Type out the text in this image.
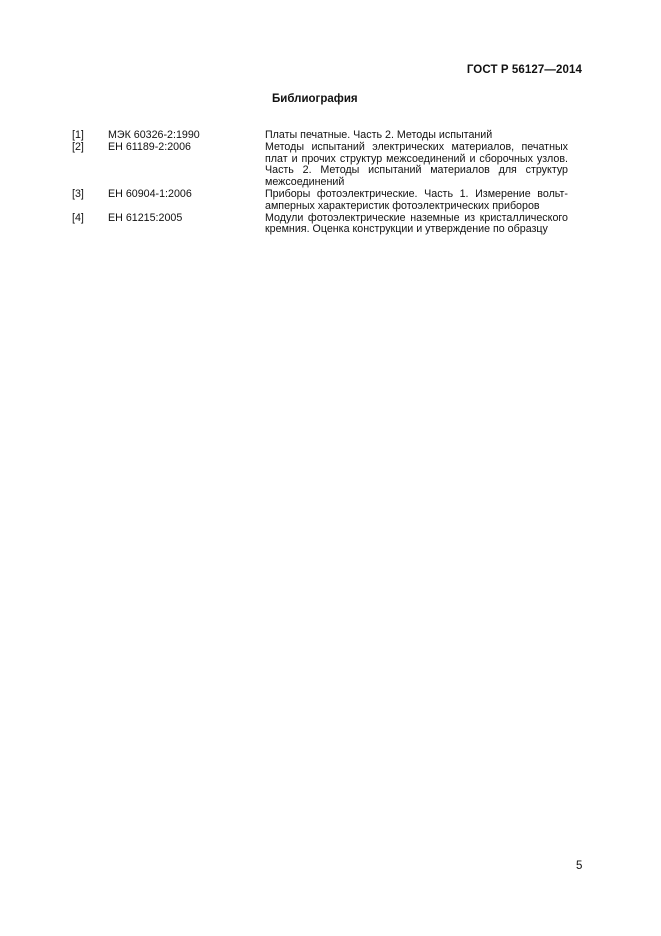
ГОСТ Р 56127—2014
Библиография
[1]	МЭК 60326-2:1990	Платы печатные. Часть 2. Методы испытаний
[2]	ЕН 61189-2:2006	Методы испытаний электрических материалов, печатных плат и прочих структур межсоединений и сборочных узлов. Часть 2. Методы испытаний материалов для структур межсоединений
[3]	ЕН 60904-1:2006	Приборы фотоэлектрические. Часть 1. Измерение вольт-амперных характеристик фотоэлектрических приборов
[4]	ЕН 61215:2005	Модули фотоэлектрические наземные из кристаллического кремния. Оценка конструкции и утверждение по образцу
5
